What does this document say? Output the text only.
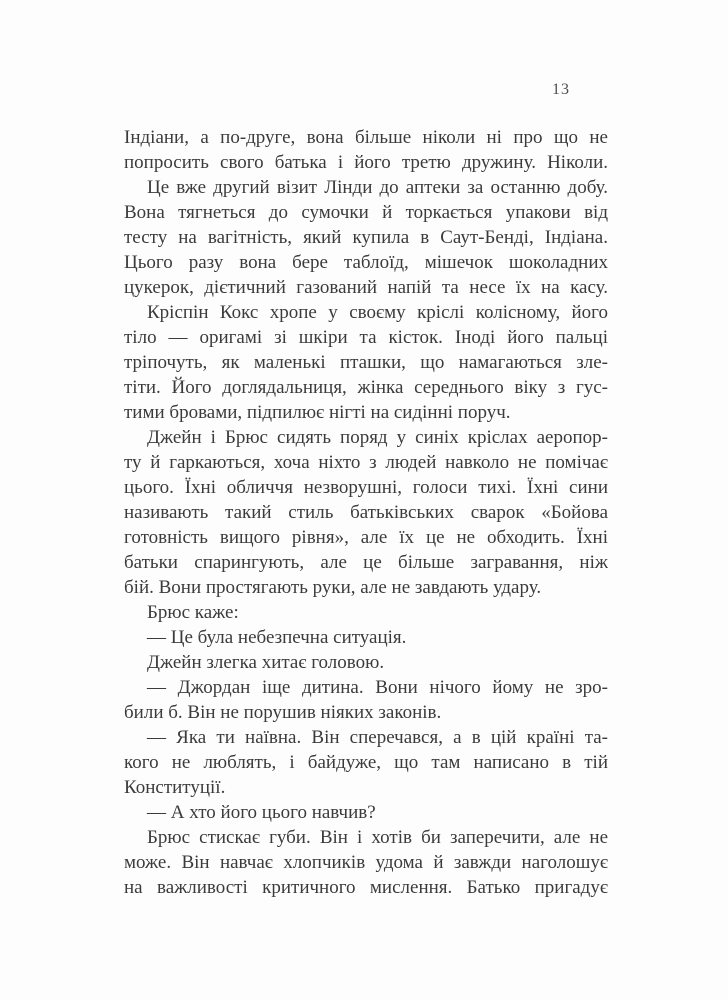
13
Індіани, а по-друге, вона більше ніколи ні про що не
попросить свого батька і його третю дружину. Ніколи.
Це вже другий візит Лінди до аптеки за останню добу.
Вона тягнеться до сумочки й торкається упакови від
тесту на вагітність, який купила в Саут-Бенді, Індіана.
Цього разу вона бере таблоїд, мішечок шоколадних
цукерок, дієтичний газований напій та несе їх на касу.
Кріспін Кокс хропе у своєму кріслі колісному, його
тіло — оригамі зі шкіри та кісток. Іноді його пальці
тріпочуть, як маленькі пташки, що намагаються зле-
тіти. Його доглядальниця, жінка середнього віку з гус-
тими бровами, підпилює нігті на сидінні поруч.
Джейн і Брюс сидять поряд у синіх кріслах аеропор-
ту й гаркаються, хоча ніхто з людей навколо не помічає
цього. Їхні обличчя незворушні, голоси тихі. Їхні сини
називають такий стиль батьківських сварок «Бойова
готовність вищого рівня», але їх це не обходить. Їхні
батьки спарингують, але це більше загравання, ніж
бій. Вони простягають руки, але не завдають удару.
Брюс каже:
— Це була небезпечна ситуація.
Джейн злегка хитає головою.
— Джордан іще дитина. Вони нічого йому не зро-
били б. Він не порушив ніяких законів.
— Яка ти наївна. Він сперечався, а в цій країні та-
кого не люблять, і байдуже, що там написано в тій
Конституції.
— А хто його цього навчив?
Брюс стискає губи. Він і хотів би заперечити, але не
може. Він навчає хлопчиків удома й завжди наголошує
на важливості критичного мислення. Батько пригадує
